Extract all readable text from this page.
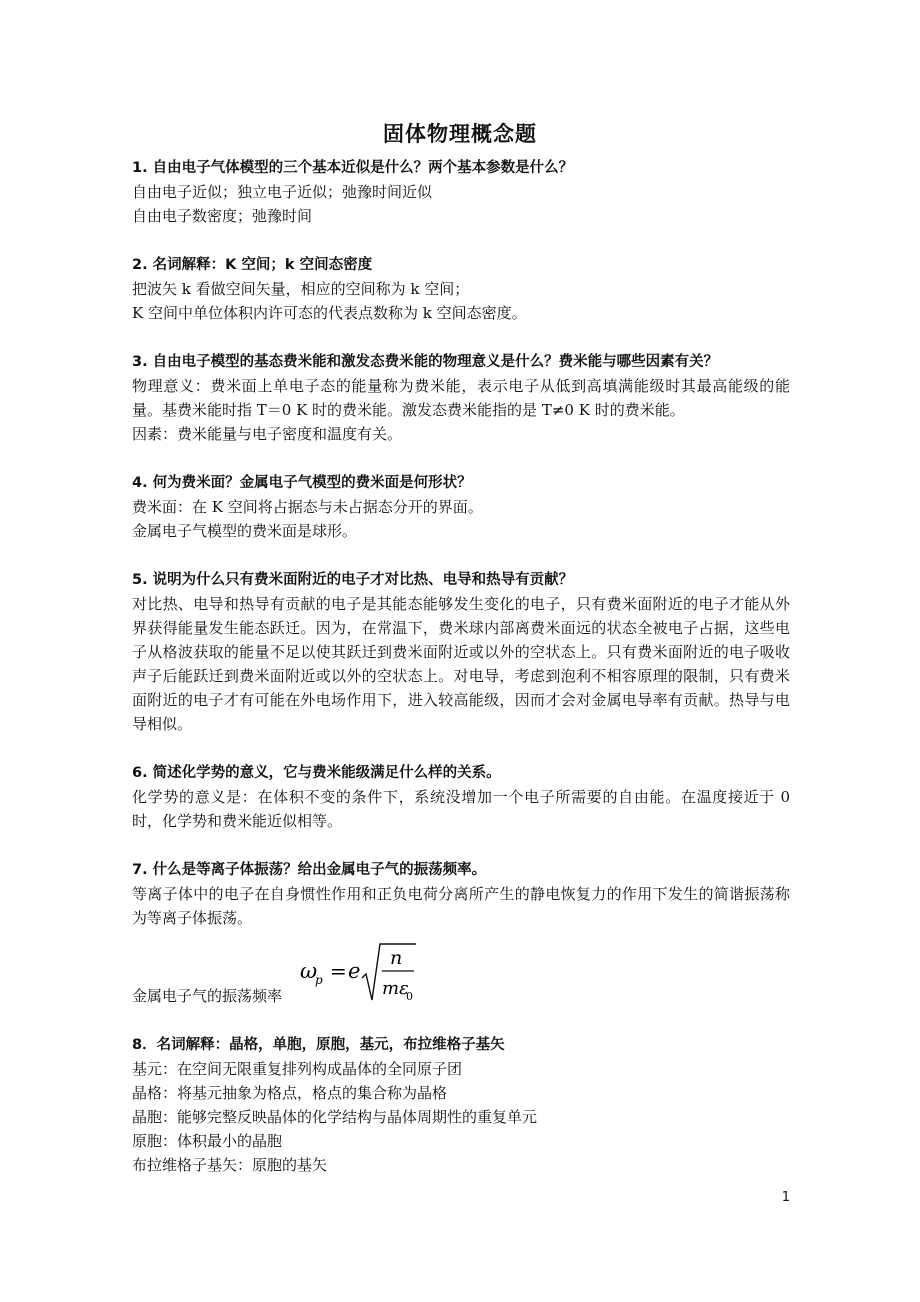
固体物理概念题

1. 自由电子气体模型的三个基本近似是什么？两个基本参数是什么？

自由电子近似；独立电子近似；弛豫时间近似

自由电子数密度；弛豫时间

2. 名词解释：K 空间；k 空间态密度

把波矢 k 看做空间矢量，相应的空间称为 k 空间；

K 空间中单位体积内许可态的代表点数称为 k 空间态密度。

3. 自由电子模型的基态费米能和激发态费米能的物理意义是什么？费米能与哪些因素有关？

物理意义：费米面上单电子态的能量称为费米能，表示电子从低到高填满能级时其最高能级的能量。基费米能时指 T＝0 K 时的费米能。激发态费米能指的是 T≠0 K 时的费米能。

因素：费米能量与电子密度和温度有关。

4. 何为费米面？金属电子气模型的费米面是何形状？

费米面：在 K 空间将占据态与未占据态分开的界面。

金属电子气模型的费米面是球形。

5. 说明为什么只有费米面附近的电子才对比热、电导和热导有贡献？

对比热、电导和热导有贡献的电子是其能态能够发生变化的电子，只有费米面附近的电子才能从外界获得能量发生能态跃迁。因为，在常温下，费米球内部离费米面远的状态全被电子占据，这些电子从格波获取的能量不足以使其跃迁到费米面附近或以外的空状态上。只有费米面附近的电子吸收声子后能跃迁到费米面附近或以外的空状态上。对电导，考虑到泡利不相容原理的限制，只有费米面附近的电子才有可能在外电场作用下，进入较高能级，因而才会对金属电导率有贡献。热导与电导相似。

6. 简述化学势的意义，它与费米能级满足什么样的关系。

化学势的意义是：在体积不变的条件下，系统没增加一个电子所需要的自由能。在温度接近于 0 时，化学势和费米能近似相等。

7. 什么是等离子体振荡？给出金属电子气的振荡频率。

等离子体中的电子在自身惯性作用和正负电荷分离所产生的静电恢复力的作用下发生的简谐振荡称为等离子体振荡。

金属电子气的振荡频率
ω
p = e
n
mε
0

8．名词解释：晶格，单胞，原胞，基元，布拉维格子基矢

基元：在空间无限重复排列构成晶体的全同原子团

晶格：将基元抽象为格点，格点的集合称为晶格

晶胞：能够完整反映晶体的化学结构与晶体周期性的重复单元

原胞：体积最小的晶胞

布拉维格子基矢：原胞的基矢

1
